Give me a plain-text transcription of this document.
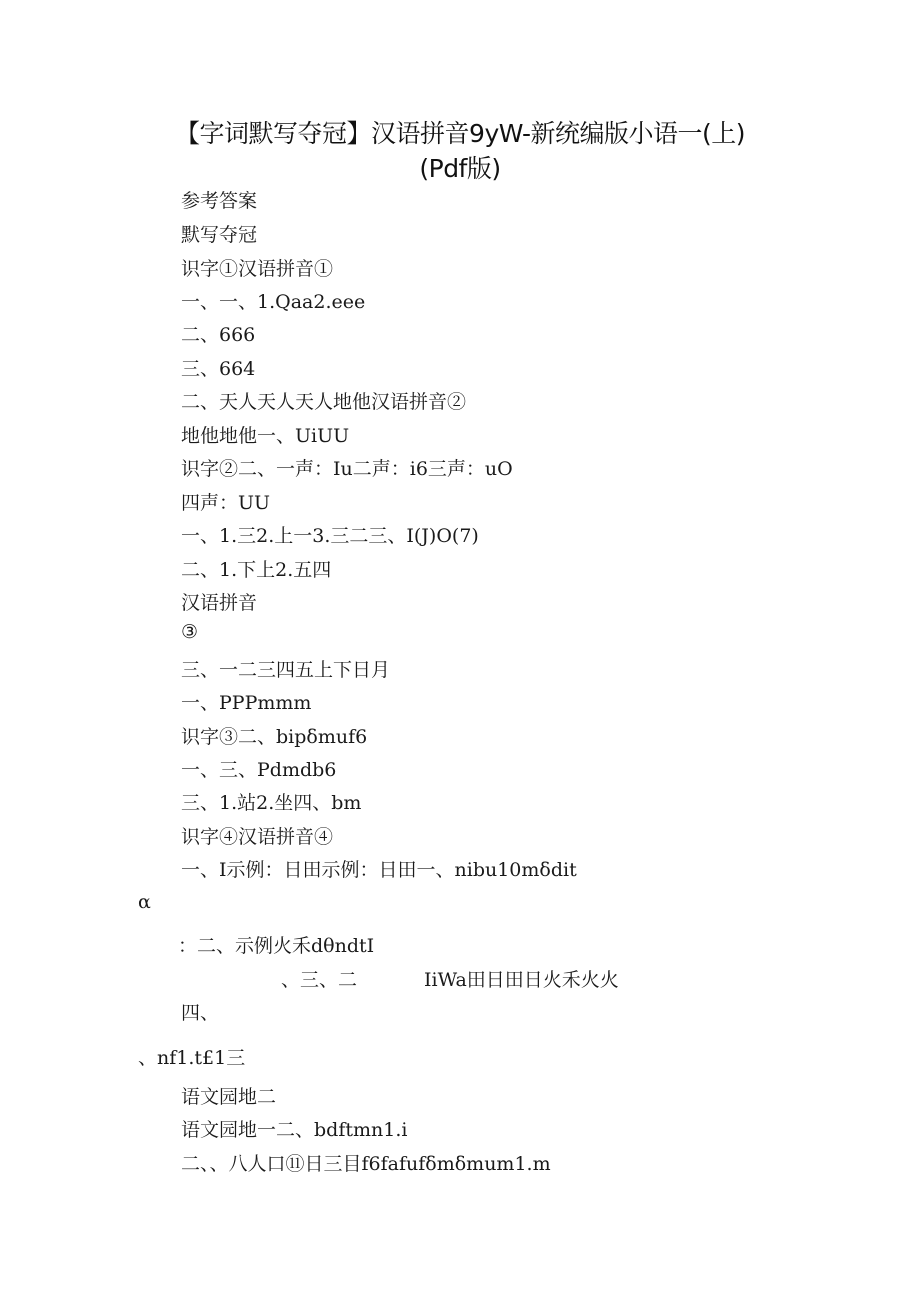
【字词默写夺冠】汉语拼音9yW-新统编版小语一(上)
(Pdf版)
参考答案
默写夺冠
识字①汉语拼音①
一、一、1.Qaa2.eee
二、666
三、664
二、天人天人天人地他汉语拼音②
地他地他一、UiUU
识字②二、一声：Iu二声：i6三声：uO
四声：UU
一、1.三2.上一3.三二三、I(J)O(7)
二、1.下上2.五四
汉语拼音
③
三、一二三四五上下日月
一、PPPmmm
识字③二、bipδmuf6
一、三、Pdmdb6
三、1.站2.坐四、bm
识字④汉语拼音④
一、I示例：日田示例：日田一、nibu10mδdit
α
：二、示例火禾dθndtI
、三、二	IiWa田日田日火禾火火
四、
、nf1.t£1三
语文园地二
语文园地一二、bdftmn1.i
二、、八人口⑪日三目f6fafufδmδmum1.m
